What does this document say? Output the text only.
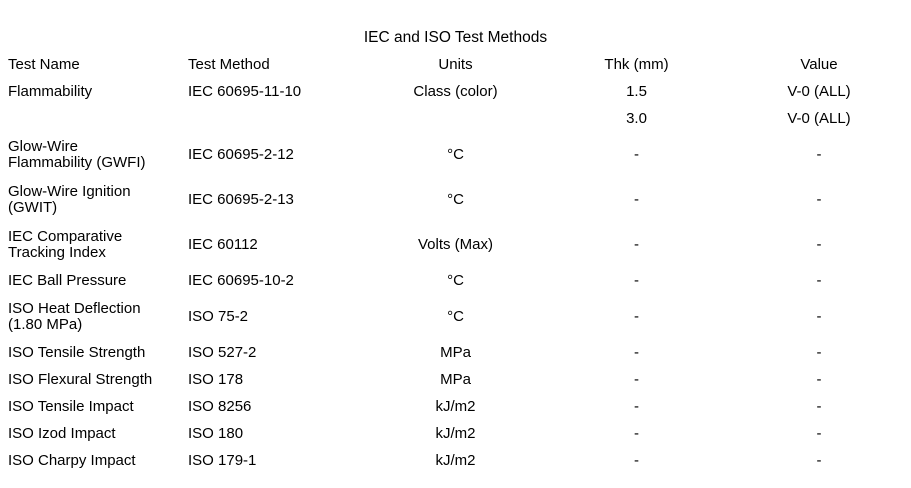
IEC and ISO Test Methods
Test Name	Test Method	Units	Thk (mm)	Value

Flammability	IEC 60695-11-10	Class (color)	1.5	V-0 (ALL)

			3.0	V-0 (ALL)

Glow-Wire
Flammability (GWFI)	IEC 60695-2-12	°C	-	-

Glow-Wire Ignition
(GWIT)	IEC 60695-2-13	°C	-	-

IEC Comparative
Tracking Index	IEC 60112	Volts (Max)	-	-

IEC Ball Pressure	IEC 60695-10-2	°C	-	-

ISO Heat Deflection
(1.80 MPa)	ISO 75-2	°C	-	-

ISO Tensile Strength	ISO 527-2	MPa	-	-

ISO Flexural Strength	ISO 178	MPa	-	-

ISO Tensile Impact	ISO 8256	kJ/m2	-	-

ISO Izod Impact	ISO 180	kJ/m2	-	-

ISO Charpy Impact	ISO 179-1	kJ/m2	-	-
